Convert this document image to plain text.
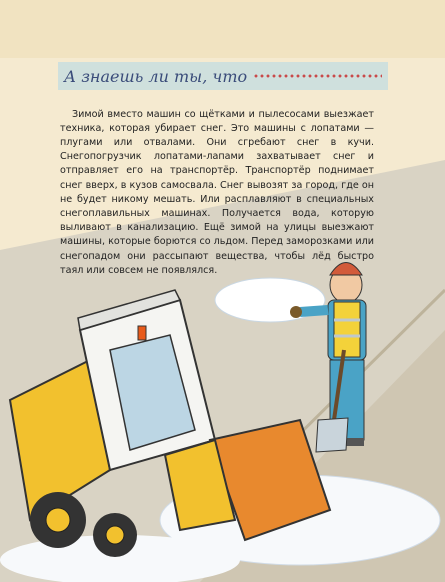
А знаешь ли ты, что

Зимой вместо машин со щётками и пылесосами выезжает техника, которая убирает снег. Это машины с лопатами — плугами или отвалами. Они сгребают снег в кучи. Снегопогрузчик лопатами-лапами захватывает снег и отправляет его на транспортёр. Транспортёр поднимает снег вверх, в кузов самосвала. Снег вывозят за город, где он не будет никому мешать. Или расплавляют в специальных снегоплавильных машинах. Получается вода, которую выливают в канализацию. Ещё зимой на улицы выезжают машины, которые борются со льдом. Перед заморозками или снегопадом они рассыпают вещества, чтобы лёд быстро таял или совсем не появлялся.
